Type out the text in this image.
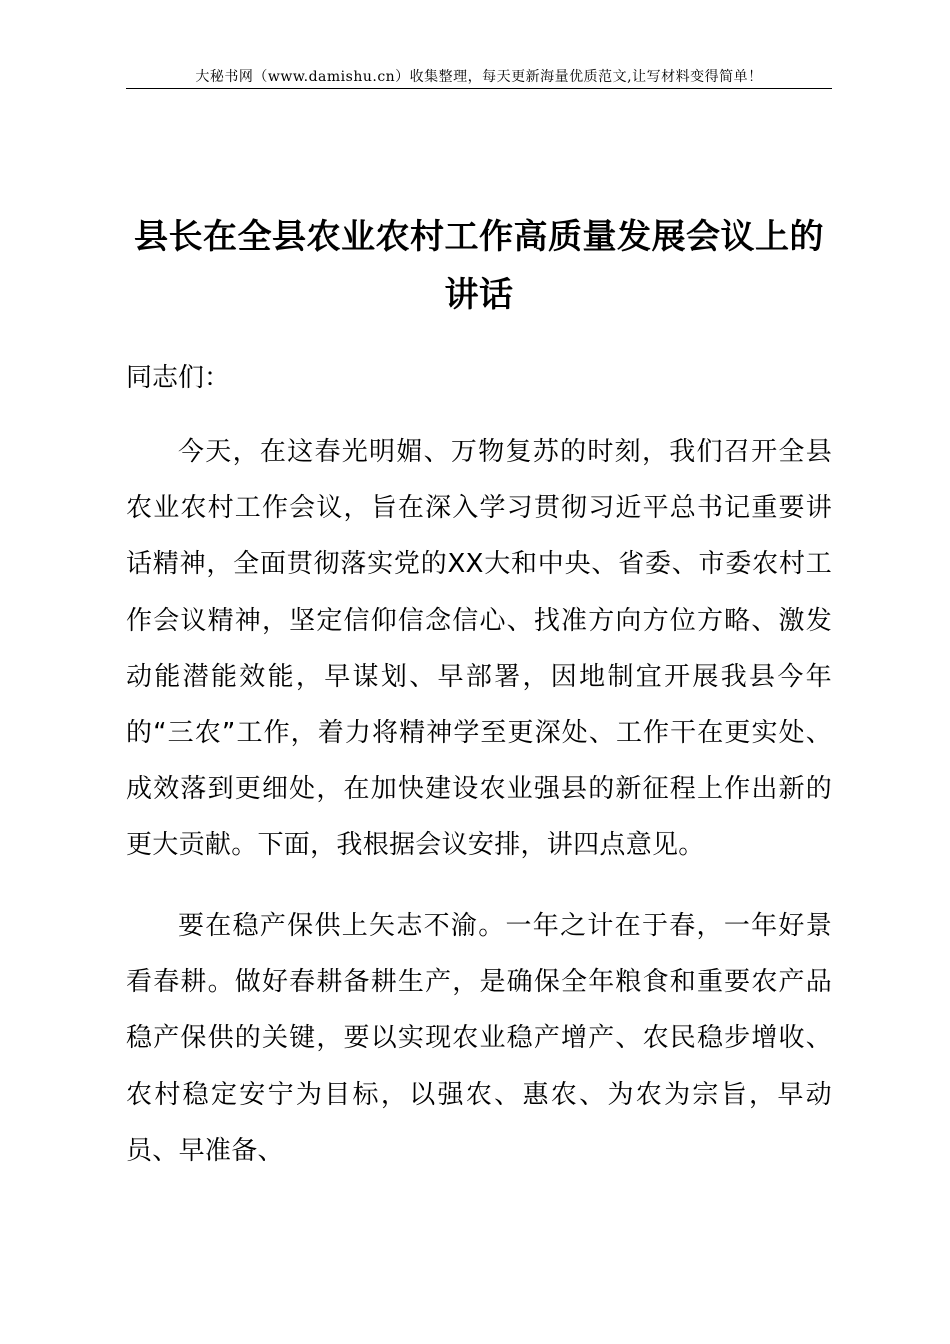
大秘书网（www.damishu.cn）收集整理，每天更新海量优质范文,让写材料变得简单！
县长在全县农业农村工作高质量发展会议上的
讲话
同志们：

今天，在这春光明媚、万物复苏的时刻，我们召开全县农业农村工作会议，旨在深入学习贯彻习近平总书记重要讲话精神，全面贯彻落实党的XX大和中央、省委、市委农村工作会议精神，坚定信仰信念信心、找准方向方位方略、激发动能潜能效能，早谋划、早部署，因地制宜开展我县今年的“三农”工作，着力将精神学至更深处、工作干在更实处、成效落到更细处，在加快建设农业强县的新征程上作出新的更大贡献。下面，我根据会议安排，讲四点意见。

要在稳产保供上矢志不渝。一年之计在于春，一年好景看春耕。做好春耕备耕生产，是确保全年粮食和重要农产品稳产保供的关键，要以实现农业稳产增产、农民稳步增收、农村稳定安宁为目标，以强农、惠农、为农为宗旨，早动员、早准备、
